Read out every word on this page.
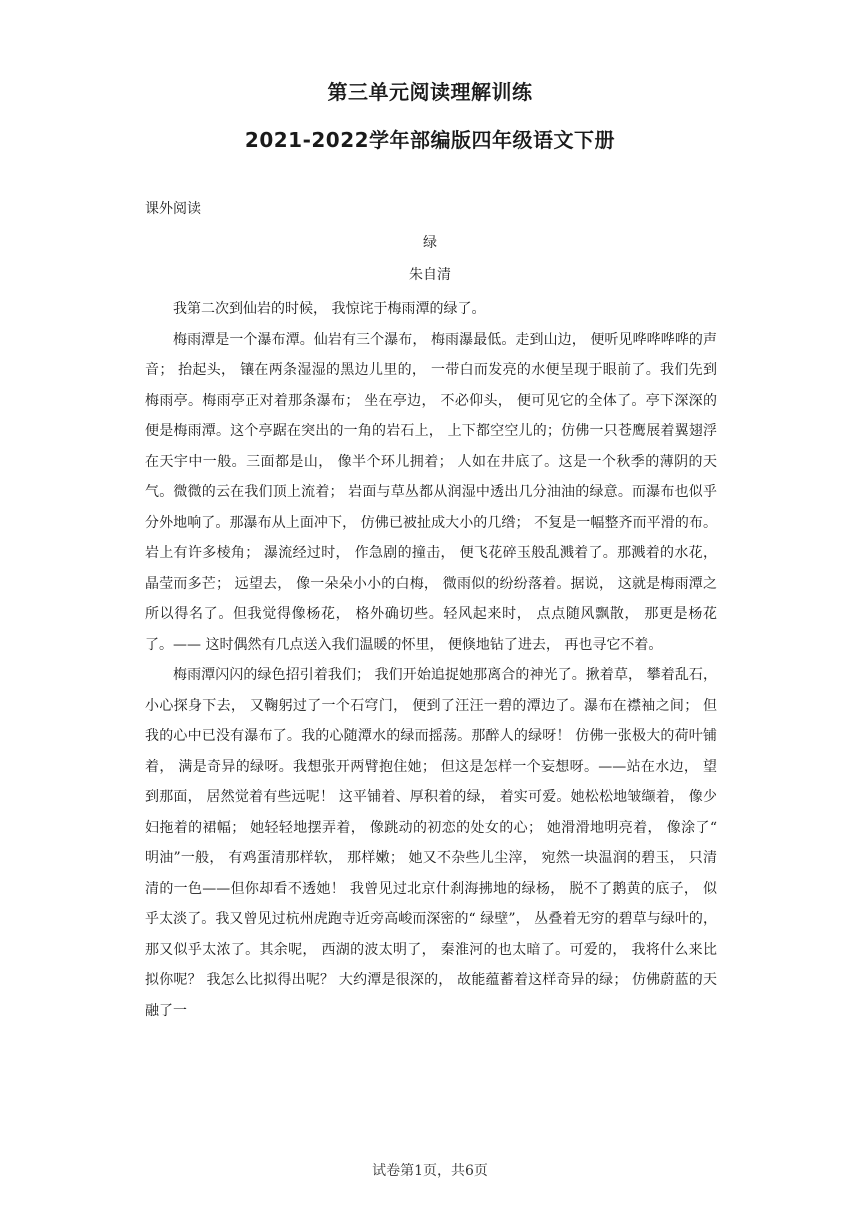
第三单元阅读理解训练
2021-2022学年部编版四年级语文下册
课外阅读
绿
朱自清

我第二次到仙岩的时候， 我惊诧于梅雨潭的绿了。

梅雨潭是一个瀑布潭。仙岩有三个瀑布， 梅雨瀑最低。走到山边， 便听见哗哗哗哗的声音； 抬起头， 镶在两条湿湿的黑边儿里的， 一带白而发亮的水便呈现于眼前了。我们先到梅雨亭。梅雨亭正对着那条瀑布； 坐在亭边， 不必仰头， 便可见它的全体了。亭下深深的便是梅雨潭。这个亭踞在突出的一角的岩石上， 上下都空空儿的；仿佛一只苍鹰展着翼翅浮在天宇中一般。三面都是山， 像半个环儿拥着； 人如在井底了。这是一个秋季的薄阴的天气。微微的云在我们顶上流着； 岩面与草丛都从润湿中透出几分油油的绿意。而瀑布也似乎分外地响了。那瀑布从上面冲下， 仿佛已被扯成大小的几绺； 不复是一幅整齐而平滑的布。岩上有许多棱角； 瀑流经过时， 作急剧的撞击， 便飞花碎玉般乱溅着了。那溅着的水花， 晶莹而多芒； 远望去， 像一朵朵小小的白梅， 微雨似的纷纷落着。据说， 这就是梅雨潭之所以得名了。但我觉得像杨花， 格外确切些。轻风起来时， 点点随风飘散， 那更是杨花了。—— 这时偶然有几点送入我们温暖的怀里， 便倏地钻了进去， 再也寻它不着。

梅雨潭闪闪的绿色招引着我们； 我们开始追捉她那离合的神光了。揪着草， 攀着乱石， 小心探身下去， 又鞠躬过了一个石穹门， 便到了汪汪一碧的潭边了。瀑布在襟袖之间； 但我的心中已没有瀑布了。我的心随潭水的绿而摇荡。那醉人的绿呀！ 仿佛一张极大的荷叶铺着， 满是奇异的绿呀。我想张开两臂抱住她； 但这是怎样一个妄想呀。——站在水边， 望到那面， 居然觉着有些远呢！ 这平铺着、厚积着的绿， 着实可爱。她松松地皱缬着， 像少妇拖着的裙幅； 她轻轻地摆弄着， 像跳动的初恋的处女的心； 她滑滑地明亮着， 像涂了“ 明油”一般， 有鸡蛋清那样软， 那样嫩； 她又不杂些儿尘滓， 宛然一块温润的碧玉， 只清清的一色——但你却看不透她！ 我曾见过北京什刹海拂地的绿杨， 脱不了鹅黄的底子， 似乎太淡了。我又曾见过杭州虎跑寺近旁高峻而深密的“ 绿壁”， 丛叠着无穷的碧草与绿叶的， 那又似乎太浓了。其余呢， 西湖的波太明了， 秦淮河的也太暗了。可爱的， 我将什么来比拟你呢？ 我怎么比拟得出呢？ 大约潭是很深的， 故能蕴蓄着这样奇异的绿； 仿佛蔚蓝的天融了一

试卷第1页，共6页
